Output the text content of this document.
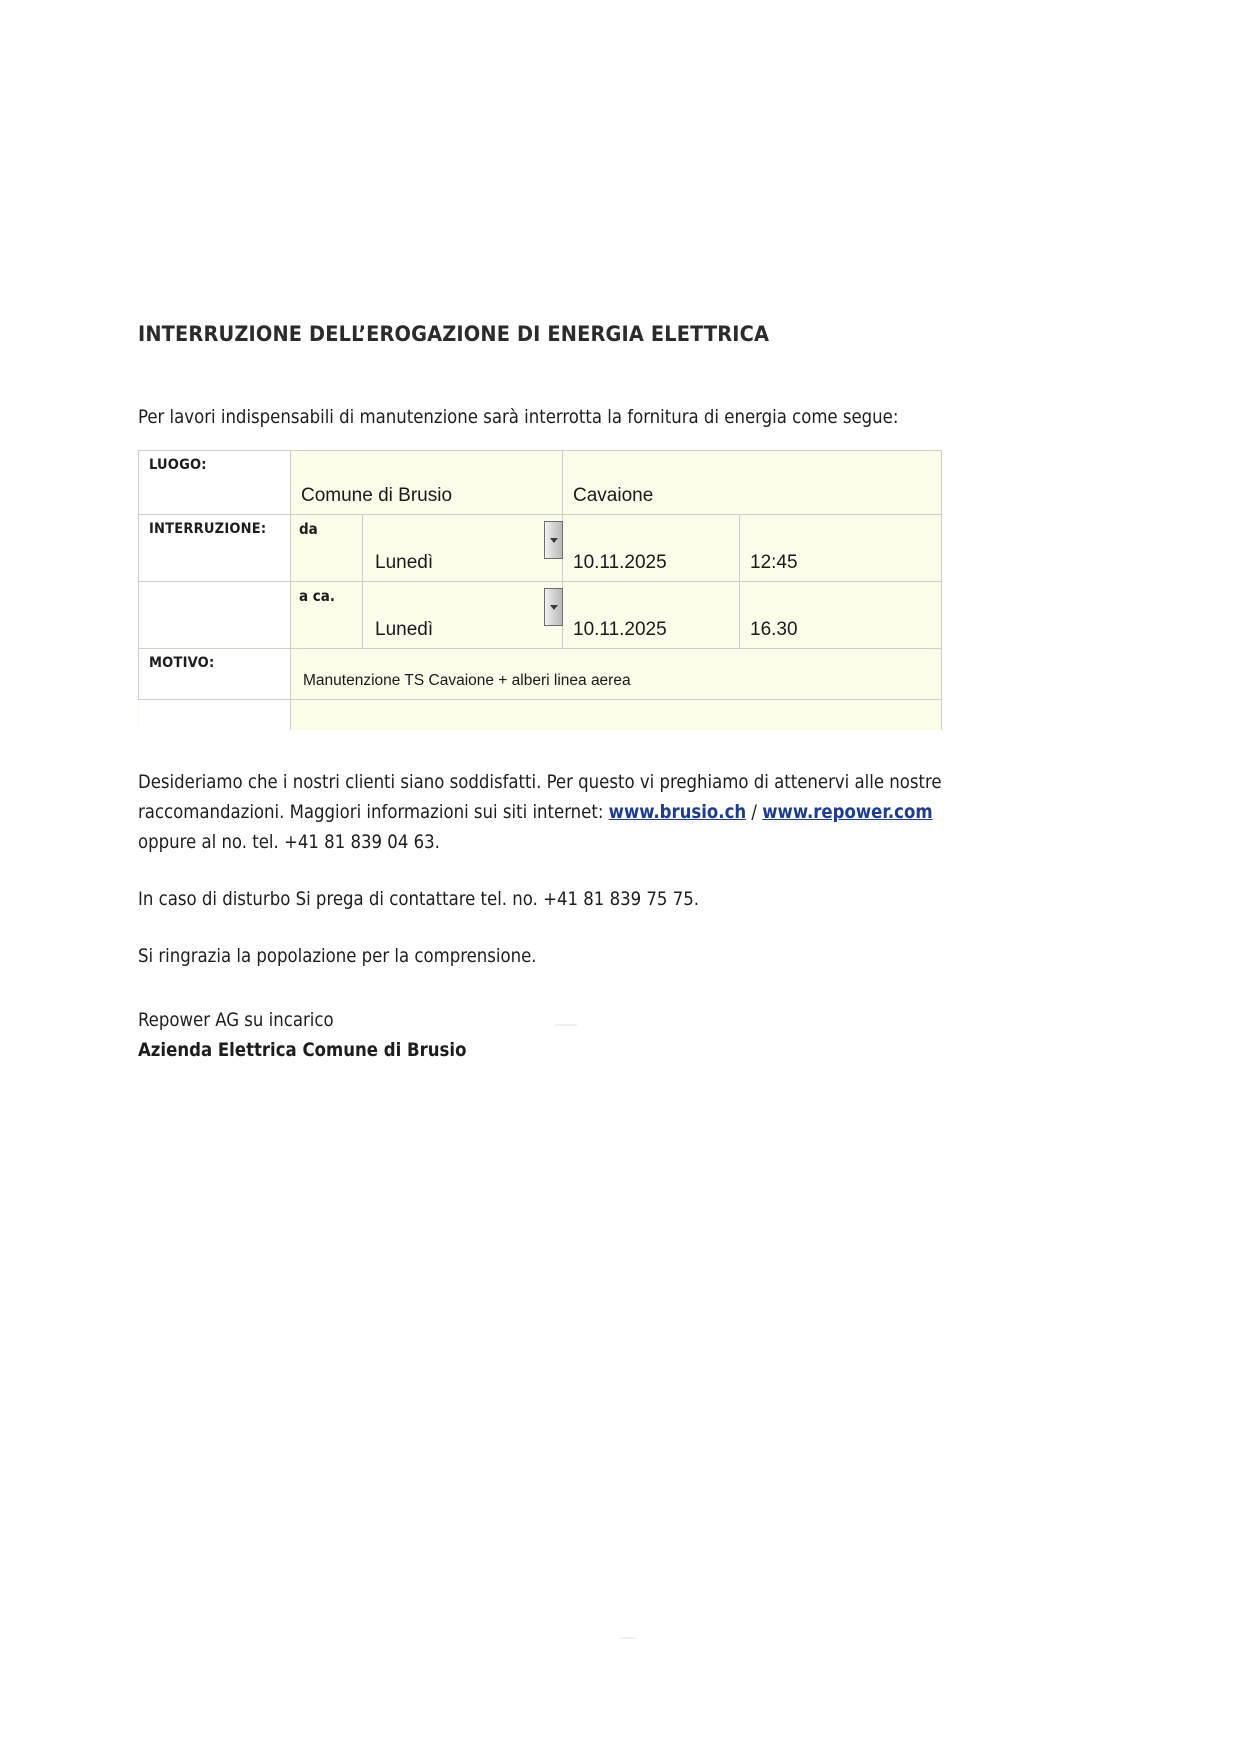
INTERRUZIONE DELL’EROGAZIONE DI ENERGIA ELETTRICA

Per lavori indispensabili di manutenzione sarà interrotta la fornitura di energia come segue:

LUOGO:	Comune di Brusio		Cavaione	
INTERRUZIONE:	da	Lunedì	10.11.2025	12:45
	a ca.	Lunedì	10.11.2025	16.30
MOTIVO:	Manutenzione TS Cavaione + alberi linea aerea			

Desideriamo che i nostri clienti siano soddisfatti. Per questo vi preghiamo di attenervi alle nostre

raccomandazioni. Maggiori informazioni sui siti internet: www.brusio.ch / www.repower.com

oppure al no. tel. +41 81 839 04 63.

In caso di disturbo Si prega di contattare tel. no. +41 81 839 75 75.

Si ringrazia la popolazione per la comprensione.

Repower AG su incarico

Azienda Elettrica Comune di Brusio
